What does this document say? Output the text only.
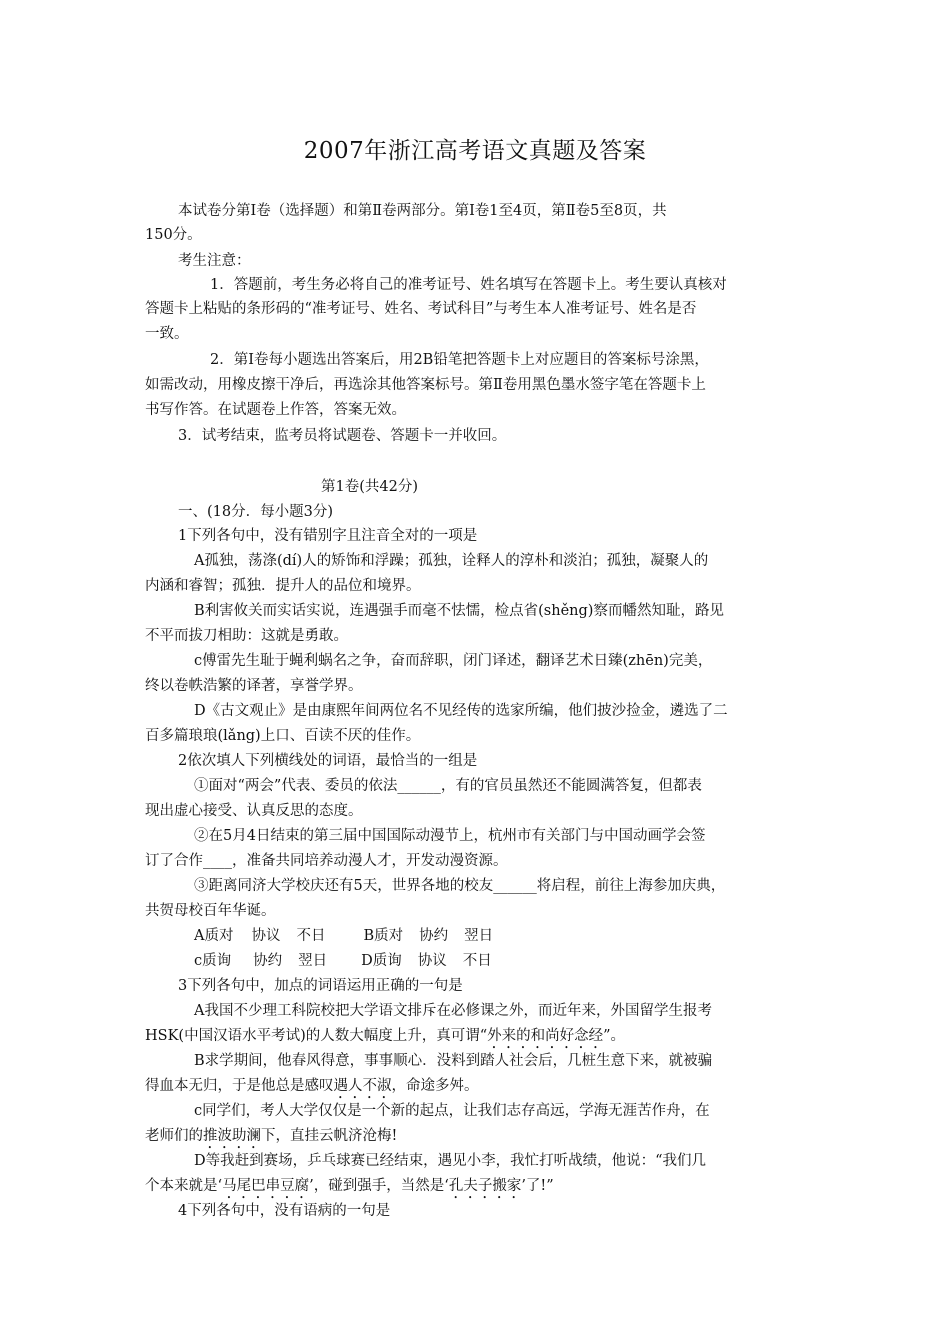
2007年浙江高考语文真题及答案
本试卷分第Ⅰ卷（选择题）和第Ⅱ卷两部分。第Ⅰ卷1至4页，第Ⅱ卷5至8页，共
150分。
考生注意：
1．答题前，考生务必将自己的准考证号、姓名填写在答题卡上。考生要认真核对
答题卡上粘贴的条形码的“准考证号、姓名、考试科目”与考生本人准考证号、姓名是否
一致。
2．第Ⅰ卷每小题选出答案后，用2B铅笔把答题卡上对应题目的答案标号涂黑，
如需改动，用橡皮擦干净后，再选涂其他答案标号。第Ⅱ卷用黑色墨水签字笔在答题卡上
书写作答。在试题卷上作答，答案无效。
3．试考结束，监考员将试题卷、答题卡一并收回。
第1卷(共42分)
一、(18分．每小题3分)
1下列各句中，没有错别字且注音全对的一项是
A孤独，荡涤(dí)人的矫饰和浮躁；孤独，诠释人的淳朴和淡泊；孤独，凝聚人的
内涵和睿智；孤独．提升人的品位和境界。
B利害攸关而实话实说，连遇强手而毫不怯懦，检点省(shěng)察而幡然知耻，路见
不平而拔刀相助：这就是勇敢。
c傅雷先生耻于蝇利蜗名之争，奋而辞职，闭门译述，翻译艺术日臻(zhēn)完美，
终以卷帙浩繁的译著，享誉学界。
D《古文观止》是由康熙年间两位名不见经传的选家所编，他们披沙捡金，遴选了二
百多篇琅琅(lǎng)上口、百读不厌的佳作。
2依次填人下列横线处的词语，最恰当的一组是
①面对“两会”代表、委员的依法______，有的官员虽然还不能圆满答复，但都表
现出虚心接受、认真反思的态度。
②在5月4日结束的第三届中国国际动漫节上，杭州市有关部门与中国动画学会签
订了合作____，准备共同培养动漫人才，开发动漫资源。
③距离同济大学校庆还有5天，世界各地的校友______将启程，前往上海参加庆典，
共贺母校百年华诞。
A质对 协议 不日	B质对 协约 翌日
c质询 协约 翌日 D质询 协议 不日
3下列各句中，加点的词语运用正确的一句是
A我国不少理工科院校把大学语文排斥在必修课之外，而近年来，外国留学生报考
HSK(中国汉语水平考试)的人数大幅度上升，真可谓“外来的和尚好念经”。
B求学期间，他春风得意，事事顺心．没料到踏人社会后，几桩生意下来，就被骗
得血本无归，于是他总是感叹遇人不淑，命途多舛。
c同学们，考人大学仅仅是一个新的起点，让我们志存高远，学海无涯苦作舟，在
老师们的推波助澜下，直挂云帆济沧梅!
D等我赶到赛场，乒乓球赛已经结束，遇见小李，我忙打听战绩，他说：“我们几
个本来就是‘马尾巴串豆腐’，碰到强手，当然是‘孔夫子搬家’了!”
4下列各句中，没有语病的一句是
